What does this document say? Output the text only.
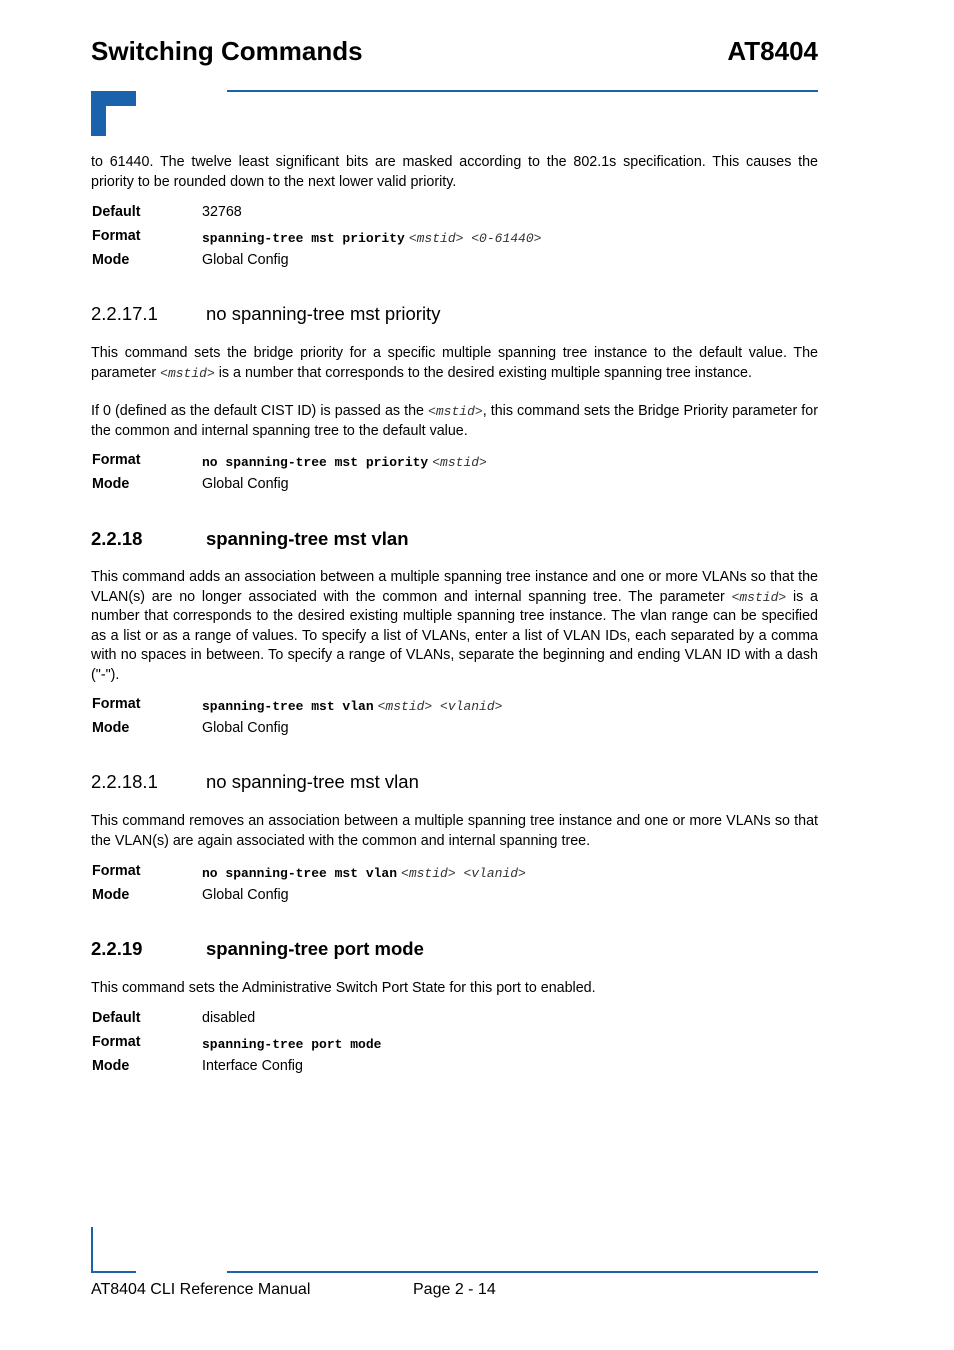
Switching Commands	AT8404
to 61440. The twelve least significant bits are masked according to the 802.1s specification. This causes the priority to be rounded down to the next lower valid priority.
Default	32768
Format	spanning-tree mst priority <mstid> <0-61440>
Mode	Global Config
2.2.17.1	no spanning-tree mst priority
This command sets the bridge priority for a specific multiple spanning tree instance to the default value. The parameter <mstid> is a number that corresponds to the desired existing multiple spanning tree instance.
If 0 (defined as the default CIST ID) is passed as the <mstid>, this command sets the Bridge Priority parameter for the common and internal spanning tree to the default value.
Format	no spanning-tree mst priority <mstid>
Mode	Global Config
2.2.18	spanning-tree mst vlan
This command adds an association between a multiple spanning tree instance and one or more VLANs so that the VLAN(s) are no longer associated with the common and internal spanning tree. The parameter <mstid> is a number that corresponds to the desired existing multiple spanning tree instance. The vlan range can be specified as a list or as a range of values. To specify a list of VLANs, enter a list of VLAN IDs, each separated by a comma with no spaces in between. To specify a range of VLANs, separate the beginning and ending VLAN ID with a dash ("-").
Format	spanning-tree mst vlan <mstid> <vlanid>
Mode	Global Config
2.2.18.1	no spanning-tree mst vlan
This command removes an association between a multiple spanning tree instance and one or more VLANs so that the VLAN(s) are again associated with the common and internal spanning tree.
Format	no spanning-tree mst vlan <mstid> <vlanid>
Mode	Global Config
2.2.19	spanning-tree port mode
This command sets the Administrative Switch Port State for this port to enabled.
Default	disabled
Format	spanning-tree port mode
Mode	Interface Config
AT8404 CLI Reference Manual	Page 2 - 14
